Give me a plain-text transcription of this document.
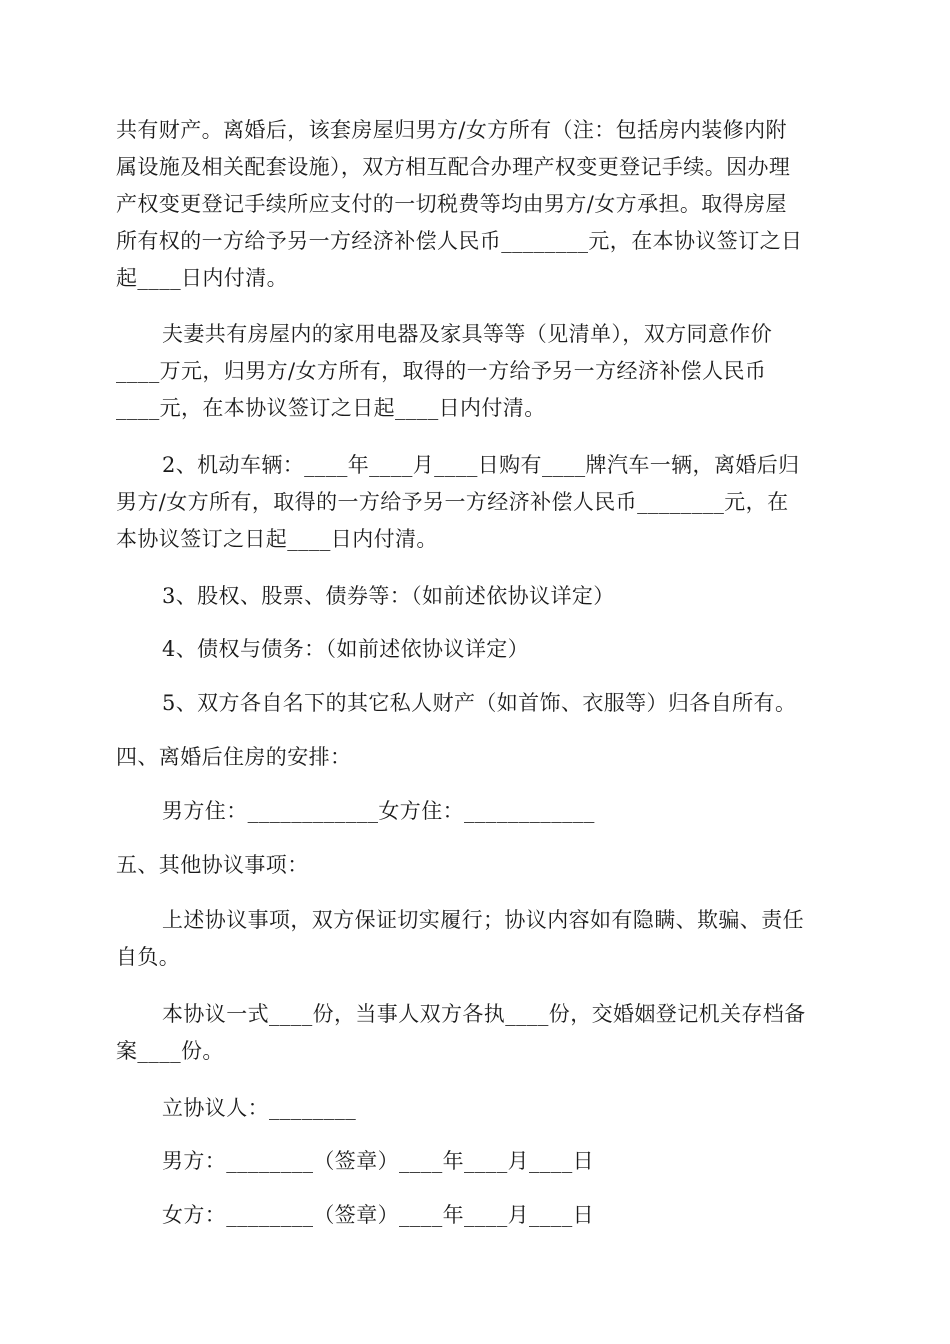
共有财产。离婚后，该套房屋归男方/女方所有（注：包括房内装修内附
属设施及相关配套设施），双方相互配合办理产权变更登记手续。因办理
产权变更登记手续所应支付的一切税费等均由男方/女方承担。取得房屋
所有权的一方给予另一方经济补偿人民币________元，在本协议签订之日
起____日内付清。
夫妻共有房屋内的家用电器及家具等等（见清单），双方同意作价
____万元，归男方/女方所有，取得的一方给予另一方经济补偿人民币
____元，在本协议签订之日起____日内付清。
2、机动车辆：____年____月____日购有____牌汽车一辆，离婚后归
男方/女方所有，取得的一方给予另一方经济补偿人民币________元，在
本协议签订之日起____日内付清。
3、股权、股票、债券等：（如前述依协议详定）
4、债权与债务：（如前述依协议详定）
5、双方各自名下的其它私人财产（如首饰、衣服等）归各自所有。
四、离婚后住房的安排：
男方住：____________女方住：____________
五、其他协议事项：
上述协议事项，双方保证切实履行；协议内容如有隐瞒、欺骗、责任
自负。
本协议一式____份，当事人双方各执____份，交婚姻登记机关存档备
案____份。
立协议人：________
男方：________（签章）____年____月____日
女方：________（签章）____年____月____日
